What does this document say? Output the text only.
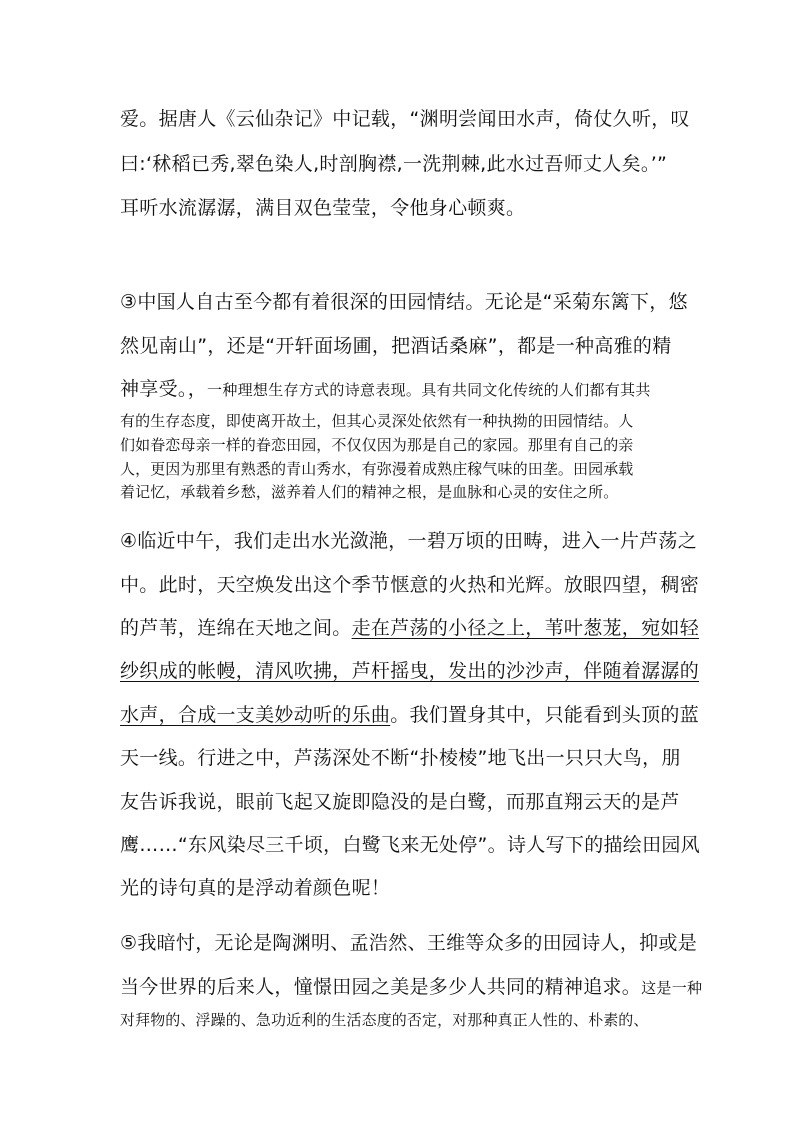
爱。据唐人《云仙杂记》中记载，“渊明尝闻田水声，倚仗久听，叹
曰:‘秫稻已秀,翠色染人,时剖胸襟,一洗荆棘,此水过吾师丈人矣。’”
耳听水流潺潺，满目双色莹莹，令他身心顿爽。
③中国人自古至今都有着很深的田园情结。无论是“采菊东篱下，悠
然见南山”，还是“开轩面场圃，把酒话桑麻”，都是一种高雅的精
神享受。，一种理想生存方式的诗意表现。具有共同文化传统的人们都有其共
有的生存态度，即使离开故土，但其心灵深处依然有一种执拗的田园情结。人
们如眷恋母亲一样的眷恋田园，不仅仅因为那是自己的家园。那里有自己的亲
人，更因为那里有熟悉的青山秀水，有弥漫着成熟庄稼气味的田垄。田园承载
着记忆，承载着乡愁，滋养着人们的精神之根，是血脉和心灵的安住之所。
④临近中午，我们走出水光潋滟，一碧万顷的田畴，进入一片芦荡之
中。此时，天空焕发出这个季节惬意的火热和光辉。放眼四望，稠密
的芦苇，连绵在天地之间。走在芦荡的小径之上，苇叶葱茏，宛如轻
纱织成的帐幔，清风吹拂，芦杆摇曳，发出的沙沙声，伴随着潺潺的
水声，合成一支美妙动听的乐曲。我们置身其中，只能看到头顶的蓝
天一线。行进之中，芦荡深处不断“扑棱棱”地飞出一只只大鸟，朋
友告诉我说，眼前飞起又旋即隐没的是白鹭，而那直翔云天的是芦
鹰……“东风染尽三千顷，白鹭飞来无处停”。诗人写下的描绘田园风
光的诗句真的是浮动着颜色呢！
⑤我暗忖，无论是陶渊明、孟浩然、王维等众多的田园诗人，抑或是
当今世界的后来人，憧憬田园之美是多少人共同的精神追求。这是一种
对拜物的、浮躁的、急功近利的生活态度的否定，对那种真正人性的、朴素的、
